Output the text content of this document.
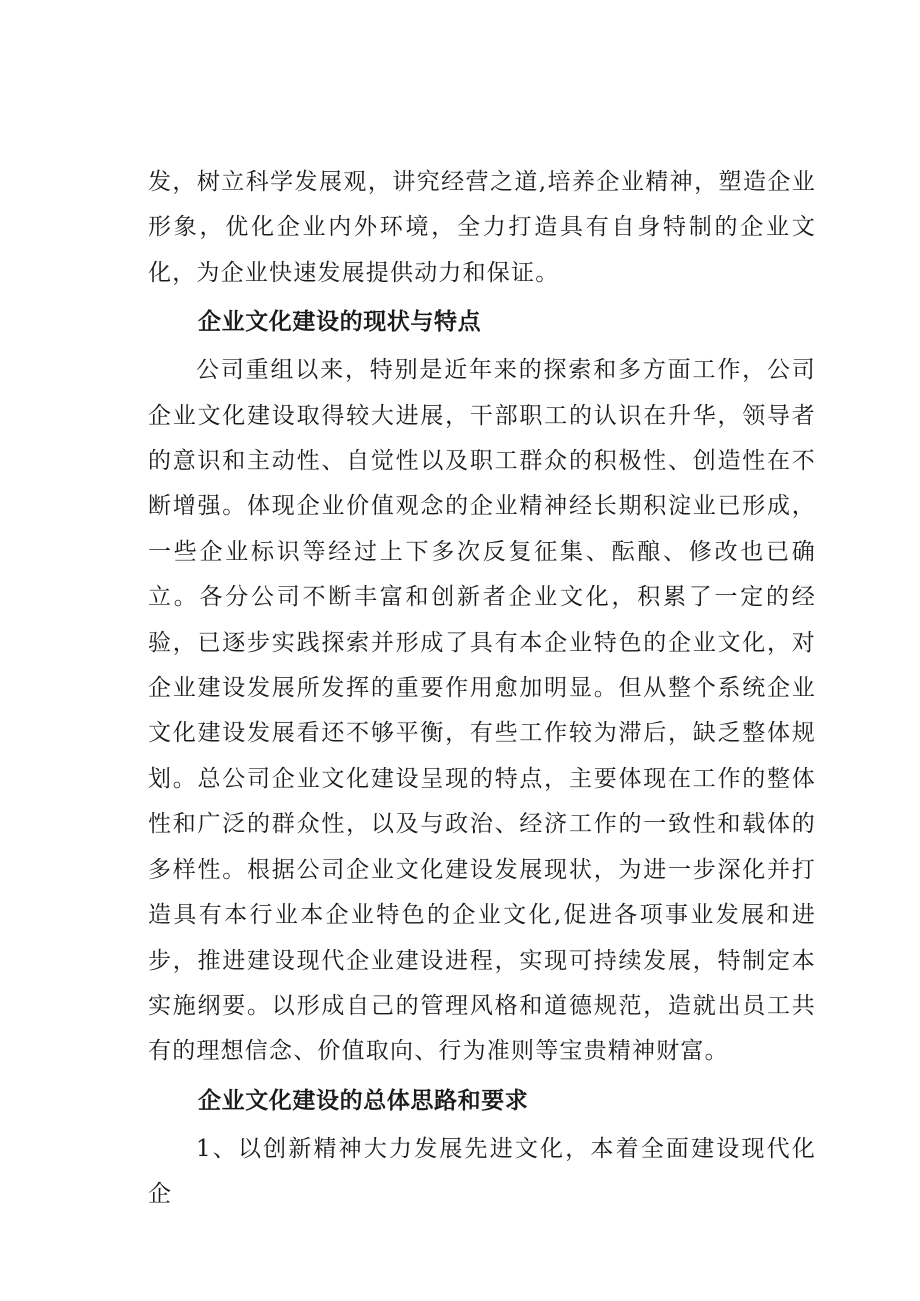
发，树立科学发展观，讲究经营之道,培养企业精神，塑造企业形象，优化企业内外环境，全力打造具有自身特制的企业文化，为企业快速发展提供动力和保证。

企业文化建设的现状与特点

公司重组以来，特别是近年来的探索和多方面工作，公司企业文化建设取得较大进展，干部职工的认识在升华，领导者的意识和主动性、自觉性以及职工群众的积极性、创造性在不断增强。体现企业价值观念的企业精神经长期积淀业已形成，一些企业标识等经过上下多次反复征集、酝酿、修改也已确立。各分公司不断丰富和创新者企业文化，积累了一定的经验，已逐步实践探索并形成了具有本企业特色的企业文化，对企业建设发展所发挥的重要作用愈加明显。但从整个系统企业文化建设发展看还不够平衡，有些工作较为滞后，缺乏整体规划。总公司企业文化建设呈现的特点，主要体现在工作的整体性和广泛的群众性，以及与政治、经济工作的一致性和载体的多样性。根据公司企业文化建设发展现状，为进一步深化并打造具有本行业本企业特色的企业文化,促进各项事业发展和进步，推进建设现代企业建设进程，实现可持续发展，特制定本实施纲要。以形成自己的管理风格和道德规范，造就出员工共有的理想信念、价值取向、行为准则等宝贵精神财富。

企业文化建设的总体思路和要求

1、以创新精神大力发展先进文化，本着全面建设现代化企
